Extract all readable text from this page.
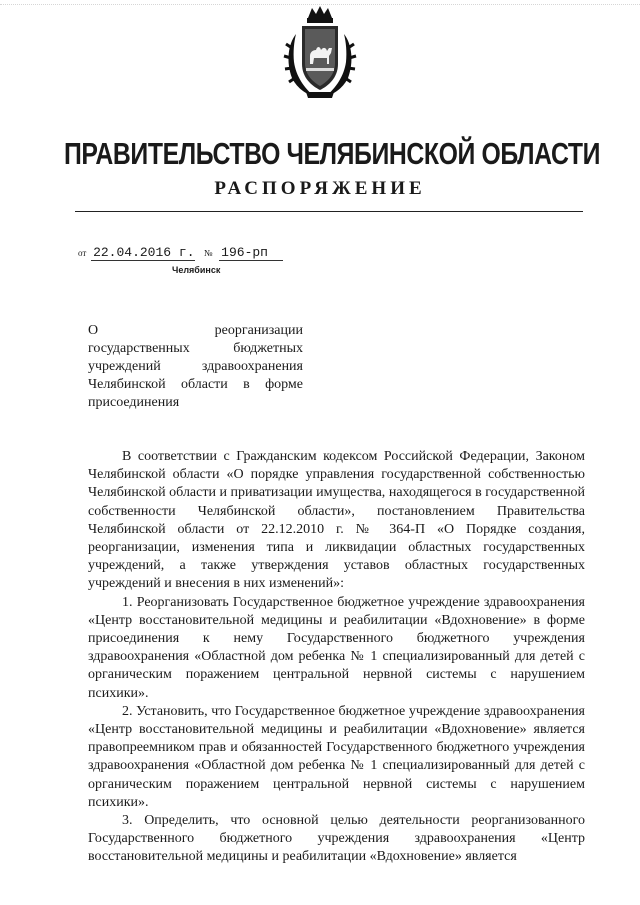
ПРАВИТЕЛЬСТВО ЧЕЛЯБИНСКОЙ ОБЛАСТИ
РАСПОРЯЖЕНИЕ
от 22.04.2016 г. № 196-рп
Челябинск
О реорганизации
государственных бюджетных
учреждений здравоохранения
Челябинской области в форме
присоединения

В соответствии с Гражданским кодексом Российской Федерации, Законом Челябинской области «О порядке управления государственной собственностью Челябинской области и приватизации имущества, находящегося в государственной собственности Челябинской области», постановлением Правительства Челябинской области от 22.12.2010 г. № 364-П «О Порядке создания, реорганизации, изменения типа и ликвидации областных государственных учреждений, а также утверждения уставов областных государственных учреждений и внесения в них изменений»:

1. Реорганизовать Государственное бюджетное учреждение здравоохранения «Центр восстановительной медицины и реабилитации «Вдохновение» в форме присоединения к нему Государственного бюджетного учреждения здравоохранения «Областной дом ребенка № 1 специализированный для детей с органическим поражением центральной нервной системы с нарушением психики».

2. Установить, что Государственное бюджетное учреждение здравоохранения «Центр восстановительной медицины и реабилитации «Вдохновение» является правопреемником прав и обязанностей Государственного бюджетного учреждения здравоохранения «Областной дом ребенка № 1 специализированный для детей с органическим поражением центральной нервной системы с нарушением психики».

3. Определить, что основной целью деятельности реорганизованного Государственного бюджетного учреждения здравоохранения «Центр восстановительной медицины и реабилитации «Вдохновение» является
